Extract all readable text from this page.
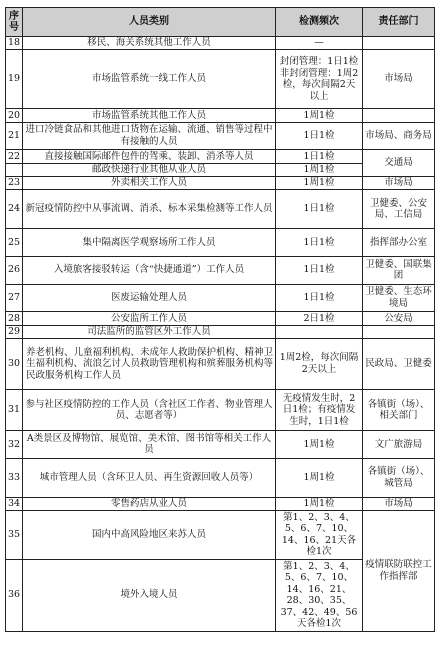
序号	人员类别	检测频次	责任部门
18	移民、海关系统其他工作人员	—	
19	市场监管系统一线工作人员	封闭管理：1日1检非封闭管理：1周2检，每次间隔2天以上	市场局
20	市场监管系统其他工作人员	1周1检	
21	进口冷链食品和其他进口货物在运输、流通、销售等过程中有接触的人员	1日1检	市场局、商务局
22	直接接触国际邮件包件的驾乘、装卸、消杀等人员	1日1检	交通局
	邮政快递行业其他从业人员	1周1检	
23	外卖相关工作人员	1周1检	市场局
24	新冠疫情防控中从事流调、消杀、标本采集检测等工作人员	1日1检	卫健委、公安局、工信局
25	集中隔离医学观察场所工作人员	1日1检	指挥部办公室
26	入境旅客接驳转运（含“快捷通道”）工作人员	1日1检	卫健委、国联集团
27	医废运输处理人员	1日1检	卫健委、生态环境局
28	公安监所工作人员	2日1检	公安局
29	司法监所的监管区外工作人员		
30	养老机构、儿童福利机构、未成年人救助保护机构、精神卫生福利机构、流浪乞讨人员救助管理机构和殡葬服务机构等民政服务机构工作人员	1周2检，每次间隔2天以上	民政局、卫健委
31	参与社区疫情防控的工作人员（含社区工作者、物业管理人员、志愿者等）	无疫情发生时，2日1检；有疫情发生时，1日1检	各镇街（场）、相关部门
32	A类景区及博物馆、展览馆、美术馆、图书馆等相关工作人员	1周1检	文广旅游局
33	城市管理人员（含环卫人员、再生资源回收人员等）	1周1检	各镇街（场）、城管局
34	零售药店从业人员	1周1检	市场局
35	国内中高风险地区来苏人员	第1、2、3、4、5、6、7、10、14、16、21天各检1次	疫情联防联控工作指挥部
36	境外入境人员	第1、2、3、4、5、6、7、10、14、16、21、28、30、35、37、42、49、56天各检1次	
